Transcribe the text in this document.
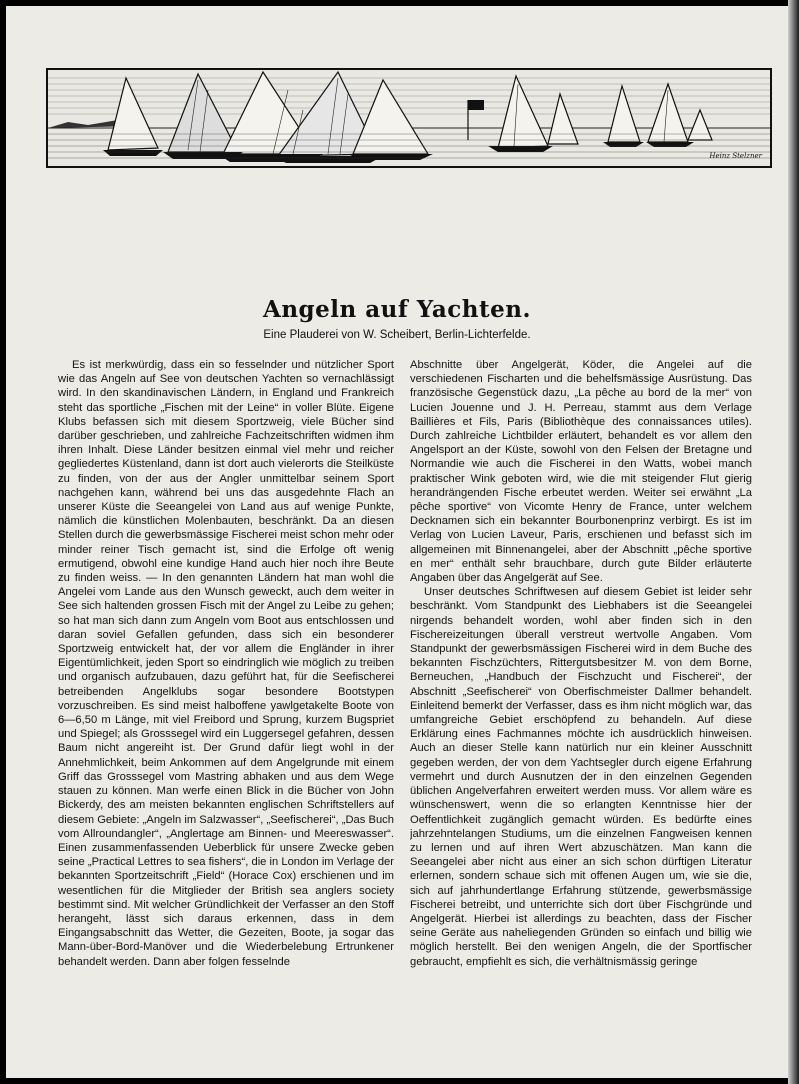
Heinz Stelzner
Angeln auf Yachten.
Eine Plauderei von W. Scheibert, Berlin-Lichterfelde.

Es ist merkwürdig, dass ein so fesselnder und nützlicher Sport wie das Angeln auf See von deutschen Yachten so vernachlässigt wird. In den skandinavischen Ländern, in England und Frankreich steht das sportliche „Fischen mit der Leine“ in voller Blüte. Eigene Klubs befassen sich mit diesem Sportzweig, viele Bücher sind darüber geschrieben, und zahlreiche Fachzeitschriften widmen ihm ihren Inhalt. Diese Länder besitzen einmal viel mehr und reicher gegliedertes Küstenland, dann ist dort auch vielerorts die Steilküste zu finden, von der aus der Angler unmittelbar seinem Sport nachgehen kann, während bei uns das ausgedehnte Flach an unserer Küste die Seeangelei von Land aus auf wenige Punkte, nämlich die künstlichen Molenbauten, beschränkt. Da an diesen Stellen durch die gewerbsmässige Fischerei meist schon mehr oder minder reiner Tisch gemacht ist, sind die Erfolge oft wenig ermutigend, obwohl eine kundige Hand auch hier noch ihre Beute zu finden weiss. — In den genannten Ländern hat man wohl die Angelei vom Lande aus den Wunsch geweckt, auch dem weiter in See sich haltenden grossen Fisch mit der Angel zu Leibe zu gehen; so hat man sich dann zum Angeln vom Boot aus entschlossen und daran soviel Gefallen gefunden, dass sich ein besonderer Sportzweig entwickelt hat, der vor allem die Engländer in ihrer Eigentümlichkeit, jeden Sport so eindringlich wie möglich zu treiben und organisch aufzubauen, dazu geführt hat, für die Seefischerei betreibenden Angelklubs sogar besondere Bootstypen vorzuschreiben. Es sind meist halboffene yawlgetakelte Boote von 6—6,50 m Länge, mit viel Freibord und Sprung, kurzem Bugspriet und Spiegel; als Grosssegel wird ein Luggersegel gefahren, dessen Baum nicht angereiht ist. Der Grund dafür liegt wohl in der Annehmlichkeit, beim Ankommen auf dem Angelgrunde mit einem Griff das Grosssegel vom Mastring abhaken und aus dem Wege stauen zu können. Man werfe einen Blick in die Bücher von John Bickerdy, des am meisten bekannten englischen Schriftstellers auf diesem Gebiete: „Angeln im Salzwasser“, „Seefischerei“, „Das Buch vom Allroundangler“, „Anglertage am Binnen- und Meereswasser“. Einen zusammenfassenden Ueberblick für unsere Zwecke geben seine „Practical Lettres to sea fishers“, die in London im Verlage der bekannten Sportzeitschrift „Field“ (Horace Cox) erschienen und im wesentlichen für die Mitglieder der British sea anglers society bestimmt sind. Mit welcher Gründlichkeit der Verfasser an den Stoff herangeht, lässt sich daraus erkennen, dass in dem Eingangsabschnitt das Wetter, die Gezeiten, Boote, ja sogar das Mann-über-Bord-Manöver und die Wiederbelebung Ertrunkener behandelt werden. Dann aber folgen fesselnde

Abschnitte über Angelgerät, Köder, die Angelei auf die verschiedenen Fischarten und die behelfsmässige Ausrüstung. Das französische Gegenstück dazu, „La pêche au bord de la mer“ von Lucien Jouenne und J. H. Perreau, stammt aus dem Verlage Baillières et Fils, Paris (Bibliothèque des connaissances utiles). Durch zahlreiche Lichtbilder erläutert, behandelt es vor allem den Angelsport an der Küste, sowohl von den Felsen der Bretagne und Normandie wie auch die Fischerei in den Watts, wobei manch praktischer Wink geboten wird, wie die mit steigender Flut gierig herandrängenden Fische erbeutet werden. Weiter sei erwähnt „La pêche sportive“ von Vicomte Henry de France, unter welchem Decknamen sich ein bekannter Bourbonenprinz verbirgt. Es ist im Verlag von Lucien Laveur, Paris, erschienen und befasst sich im allgemeinen mit Binnenangelei, aber der Abschnitt „pêche sportive en mer“ enthält sehr brauchbare, durch gute Bilder erläuterte Angaben über das Angelgerät auf See.

Unser deutsches Schriftwesen auf diesem Gebiet ist leider sehr beschränkt. Vom Standpunkt des Liebhabers ist die Seeangelei nirgends behandelt worden, wohl aber finden sich in den Fischereizeitungen überall verstreut wertvolle Angaben. Vom Standpunkt der gewerbsmässigen Fischerei wird in dem Buche des bekannten Fischzüchters, Rittergutsbesitzer M. von dem Borne, Berneuchen, „Handbuch der Fischzucht und Fischerei“, der Abschnitt „Seefischerei“ von Oberfischmeister Dallmer behandelt. Einleitend bemerkt der Verfasser, dass es ihm nicht möglich war, das umfangreiche Gebiet erschöpfend zu behandeln. Auf diese Erklärung eines Fachmannes möchte ich ausdrücklich hinweisen. Auch an dieser Stelle kann natürlich nur ein kleiner Ausschnitt gegeben werden, der von dem Yachtsegler durch eigene Erfahrung vermehrt und durch Ausnutzen der in den einzelnen Gegenden üblichen Angelverfahren erweitert werden muss. Vor allem wäre es wünschenswert, wenn die so erlangten Kenntnisse hier der Oeffentlichkeit zugänglich gemacht würden. Es bedürfte eines jahrzehntelangen Studiums, um die einzelnen Fangweisen kennen zu lernen und auf ihren Wert abzuschätzen. Man kann die Seeangelei aber nicht aus einer an sich schon dürftigen Literatur erlernen, sondern schaue sich mit offenen Augen um, wie sie die, sich auf jahrhundertlange Erfahrung stützende, gewerbsmässige Fischerei betreibt, und unterrichte sich dort über Fischgründe und Angelgerät. Hierbei ist allerdings zu beachten, dass der Fischer seine Geräte aus naheliegenden Gründen so einfach und billig wie möglich herstellt. Bei den wenigen Angeln, die der Sportfischer gebraucht, empfiehlt es sich, die verhältnismässig geringe
